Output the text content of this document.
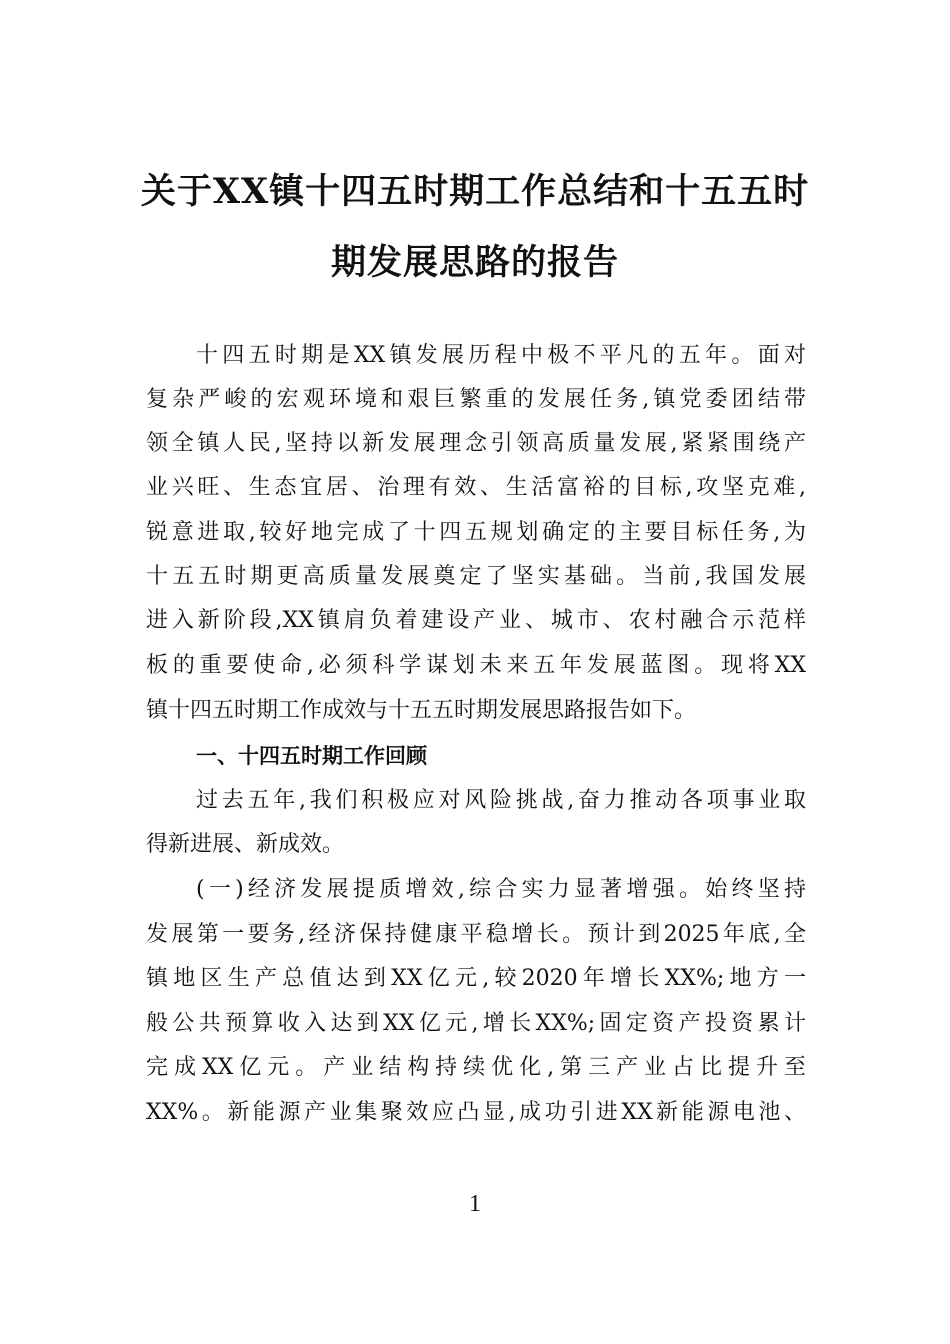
关于XX镇十四五时期工作总结和十五五时
期发展思路的报告
十四五时期是XX镇发展历程中极不平凡的五年。面对
复杂严峻的宏观环境和艰巨繁重的发展任务,镇党委团结带
领全镇人民,坚持以新发展理念引领高质量发展,紧紧围绕产
业兴旺、生态宜居、治理有效、生活富裕的目标,攻坚克难,
锐意进取,较好地完成了十四五规划确定的主要目标任务,为
十五五时期更高质量发展奠定了坚实基础。当前,我国发展
进入新阶段,XX镇肩负着建设产业、城市、农村融合示范样
板的重要使命,必须科学谋划未来五年发展蓝图。现将XX
镇十四五时期工作成效与十五五时期发展思路报告如下。
一、十四五时期工作回顾
过去五年,我们积极应对风险挑战,奋力推动各项事业取
得新进展、新成效。
(一)经济发展提质增效,综合实力显著增强。始终坚持
发展第一要务,经济保持健康平稳增长。预计到2025年底,全
镇地区生产总值达到XX亿元,较2020年增长XX%;地方一
般公共预算收入达到XX亿元,增长XX%;固定资产投资累计
完成XX亿元。产业结构持续优化,第三产业占比提升至
XX%。新能源产业集聚效应凸显,成功引进XX新能源电池、
1
